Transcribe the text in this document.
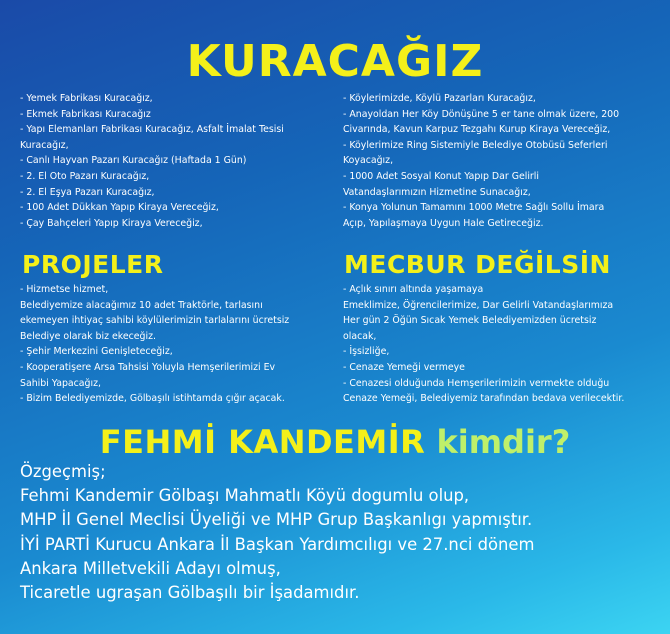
KURACAĞIZ

- Yemek Fabrikası Kuracağız,

- Ekmek Fabrikası Kuracağız

- Yapı Elemanları Fabrikası Kuracağız, Asfalt İmalat Tesisi

Kuracağız,

- Canlı Hayvan Pazarı Kuracağız (Haftada 1 Gün)

- 2. El Oto Pazarı Kuracağız,

- 2. El Eşya Pazarı Kuracağız,

- 100 Adet Dükkan Yapıp Kiraya Vereceğiz,

- Çay Bahçeleri Yapıp Kiraya Vereceğiz,

- Köylerimizde, Köylü Pazarları Kuracağız,

- Anayoldan Her Köy Dönüşüne 5 er tane olmak üzere, 200

Civarında, Kavun Karpuz Tezgahı Kurup Kiraya Vereceğiz,

- Köylerimize Ring Sistemiyle Belediye Otobüsü Seferleri

Koyacağız,

- 1000 Adet Sosyal Konut Yapıp Dar Gelirli

Vatandaşlarımızın Hizmetine Sunacağız,

- Konya Yolunun Tamamını 1000 Metre Sağlı Sollu İmara

Açıp, Yapılaşmaya Uygun Hale Getireceğiz.

PROJELER	MECBUR DEĞİLSİN

- Hizmetse hizmet,

Belediyemize alacağımız 10 adet Traktörle, tarlasını

ekemeyen ihtiyaç sahibi köylülerimizin tarlalarını ücretsiz

Belediye olarak biz ekeceğiz.

- Şehir Merkezini Genişleteceğiz,

- Kooperatişere Arsa Tahsisi Yoluyla Hemşerilerimizi Ev

Sahibi Yapacağız,

- Bizim Belediyemizde, Gölbaşılı istihtamda çığır açacak.

- Açlık sınırı altında yaşamaya

Emeklimize, Öğrencilerimize, Dar Gelirli Vatandaşlarımıza

Her gün 2 Öğün Sıcak Yemek Belediyemizden ücretsiz

olacak,

- İşsizliğe,

- Cenaze Yemeği vermeye

- Cenazesi olduğunda Hemşerilerimizin vermekte olduğu

Cenaze Yemeği, Belediyemiz tarafından bedava verilecektir.

FEHMİ KANDEMİR kimdir?

Özgeçmiş;

Fehmi Kandemir Gölbaşı Mahmatlı Köyü dogumlu olup,

MHP İl Genel Meclisi Üyeliği ve MHP Grup Başkanlıgı yapmıştır.

İYİ PARTİ Kurucu Ankara İl Başkan Yardımcılıgı ve 27.nci dönem

Ankara Milletvekili Adayı olmuş,

Ticaretle ugraşan Gölbaşılı bir İşadamıdır.
